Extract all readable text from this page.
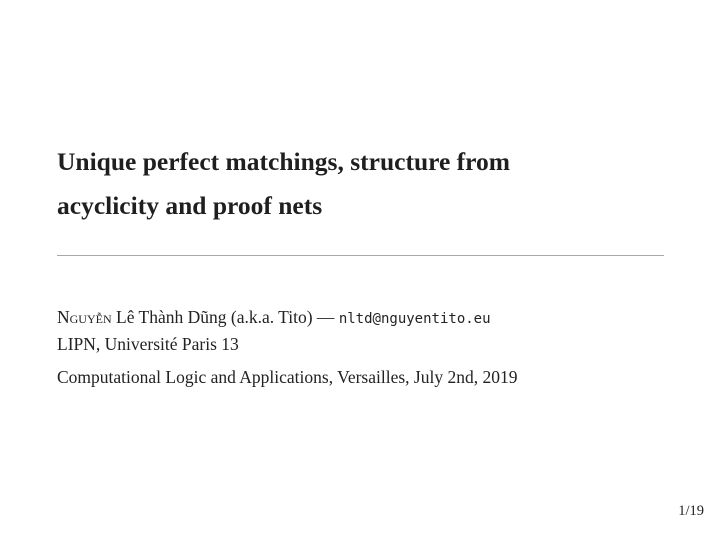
Unique perfect matchings, structure from
acyclicity and proof nets
Nguyễn Lê Thành Dũng (a.k.a. Tito) — nltd@nguyentito.eu
LIPN, Université Paris 13
Computational Logic and Applications, Versailles, July 2nd, 2019
1/19
